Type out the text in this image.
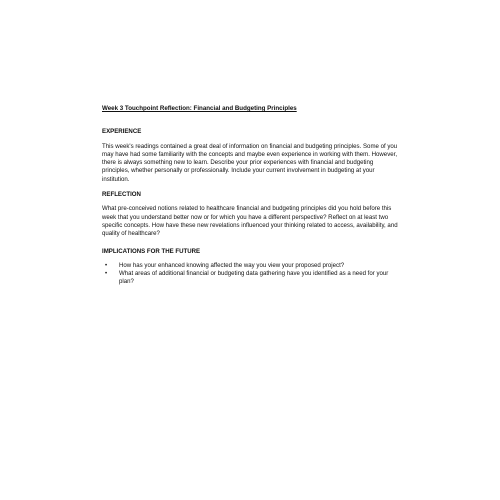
Week 3 Touchpoint Reflection: Financial and Budgeting Principles
EXPERIENCE

This week's readings contained a great deal of information on financial and budgeting principles. Some of you may have had some familiarity with the concepts and maybe even experience in working with them. However, there is always something new to learn. Describe your prior experiences with financial and budgeting principles, whether personally or professionally. Include your current involvement in budgeting at your institution.

REFLECTION

What pre-conceived notions related to healthcare financial and budgeting principles did you hold before this week that you understand better now or for which you have a different perspective? Reflect on at least two specific concepts. How have these new revelations influenced your thinking related to access, availability, and quality of healthcare?

IMPLICATIONS FOR THE FUTURE
• How has your enhanced knowing affected the way you view your proposed project?
• What areas of additional financial or budgeting data gathering have you identified as a need for your plan?
